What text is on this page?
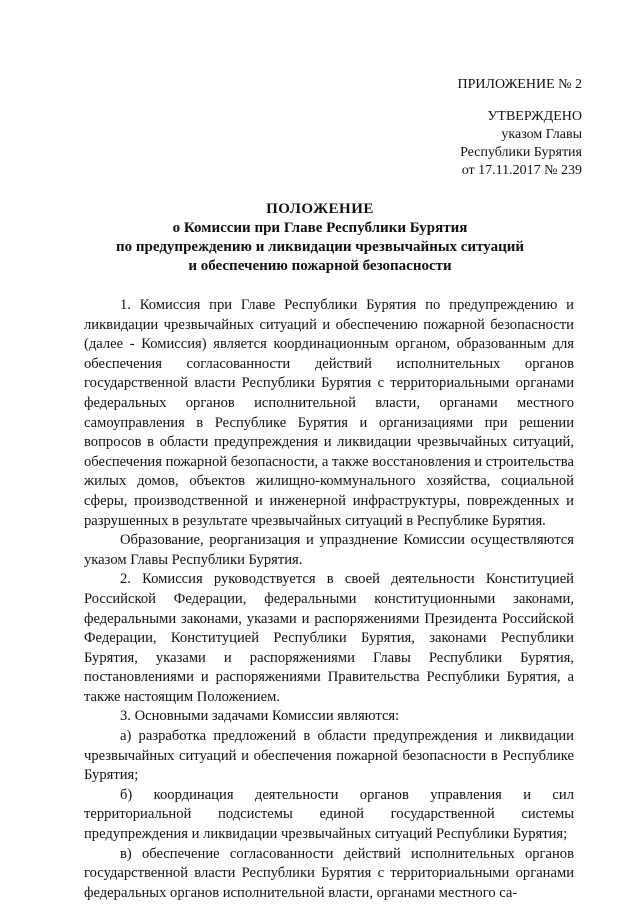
ПРИЛОЖЕНИЕ № 2
УТВЕРЖДЕНО
указом Главы
Республики Бурятия
от 17.11.2017 № 239
ПОЛОЖЕНИЕ
о Комиссии при Главе Республики Бурятия
по предупреждению и ликвидации чрезвычайных ситуаций
и обеспечению пожарной безопасности

1. Комиссия при Главе Республики Бурятия по предупреждению и ликвидации чрезвычайных ситуаций и обеспечению пожарной безопасности (далее - Комиссия) является координационным органом, образованным для обеспечения согласованности действий исполнительных органов государственной власти Республики Бурятия с территориальными органами федеральных органов исполнительной власти, органами местного самоуправления в Республике Бурятия и организациями при решении вопросов в области предупреждения и ликвидации чрезвычайных ситуаций, обеспечения пожарной безопасности, а также восстановления и строительства жилых домов, объектов жилищно-коммунального хозяйства, социальной сферы, производственной и инженерной инфраструктуры, поврежденных и разрушенных в результате чрезвычайных ситуаций в Республике Бурятия.

Образование, реорганизация и упразднение Комиссии осуществляются указом Главы Республики Бурятия.

2. Комиссия руководствуется в своей деятельности Конституцией Российской Федерации, федеральными конституционными законами, федеральными законами, указами и распоряжениями Президента Российской Федерации, Конституцией Республики Бурятия, законами Республики Бурятия, указами и распоряжениями Главы Республики Бурятия, постановлениями и распоряжениями Правительства Республики Бурятия, а также настоящим Положением.

3. Основными задачами Комиссии являются:

а) разработка предложений в области предупреждения и ликвидации чрезвычайных ситуаций и обеспечения пожарной безопасности в Республике Бурятия;

б) координация деятельности органов управления и сил территориальной подсистемы единой государственной системы предупреждения и ликвидации чрезвычайных ситуаций Республики Бурятия;

в) обеспечение согласованности действий исполнительных органов государственной власти Республики Бурятия с территориальными органами федеральных органов исполнительной власти, органами местного са-
